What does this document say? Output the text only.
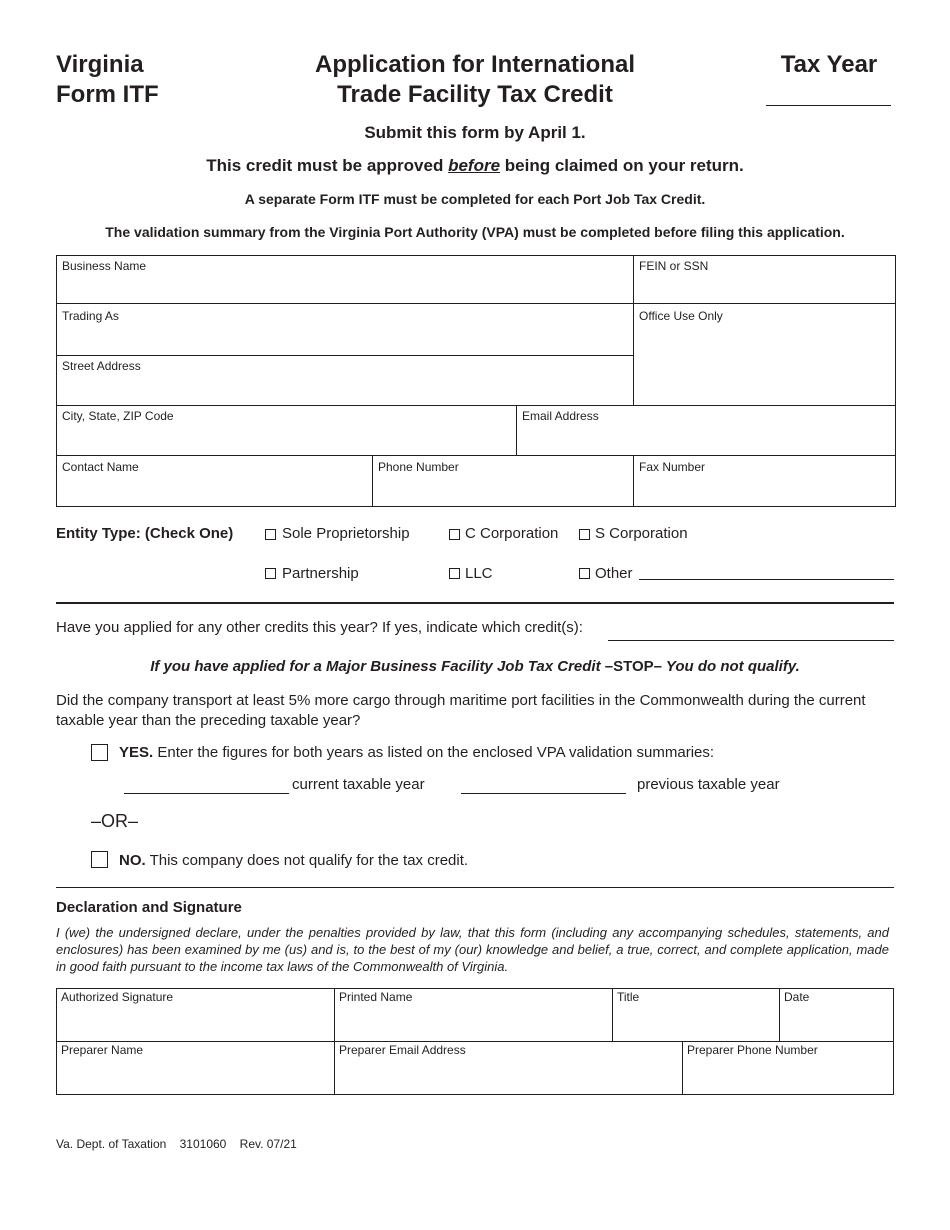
Virginia
Form ITF
Application for International
Trade Facility Tax Credit
Tax Year
Submit this form by April 1.
This credit must be approved before being claimed on your return.
A separate Form ITF must be completed for each Port Job Tax Credit.
The validation summary from the Virginia Port Authority (VPA) must be completed before filing this application.
Business Name	FEIN or SSN
Trading As	Office Use Only
Street Address
City, State, ZIP Code	Email Address
Contact Name	Phone Number	Fax Number
Entity Type: (Check One)	Sole Proprietorship	C Corporation S Corporation
Partnership	LLC	Other
Have you applied for any other credits this year? If yes, indicate which credit(s):
If you have applied for a Major Business Facility Job Tax Credit –STOP– You do not qualify.
Did the company transport at least 5% more cargo through maritime port facilities in the Commonwealth during the current taxable year than the preceding taxable year?
YES. Enter the figures for both years as listed on the enclosed VPA validation summaries:
current taxable year	previous taxable year
–OR–
NO. This company does not qualify for the tax credit.
Declaration and Signature
I (we) the undersigned declare, under the penalties provided by law, that this form (including any accompanying schedules, statements, and enclosures) has been examined by me (us) and is, to the best of my (our) knowledge and belief, a true, correct, and complete application, made in good faith pursuant to the income tax laws of the Commonwealth of Virginia.
Authorized Signature	Printed Name	Title	Date
Preparer Name	Preparer Email Address	Preparer Phone Number
Va. Dept. of Taxation    3101060    Rev. 07/21
